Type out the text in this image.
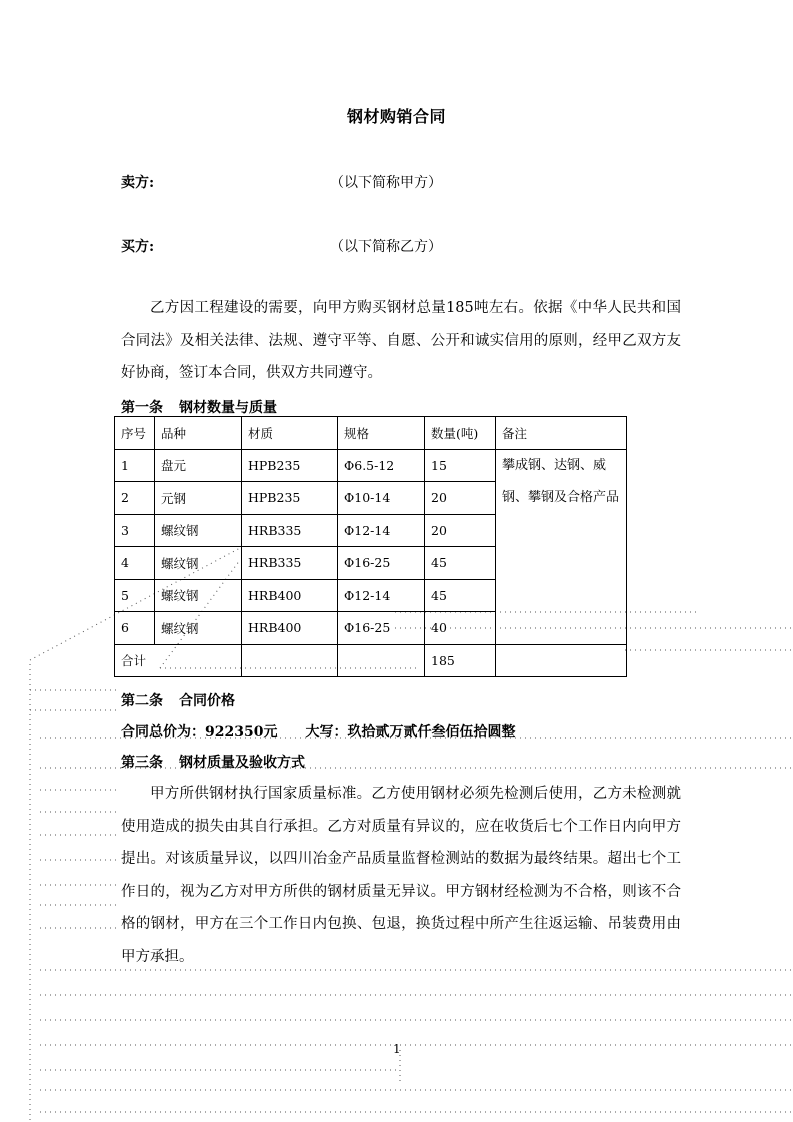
钢材购销合同
卖方:	（以下简称甲方）
买方:	（以下简称乙方）
乙方因工程建设的需要，向甲方购买钢材总量185吨左右。依据《中华人民共和国合同法》及相关法律、法规、遵守平等、自愿、公开和诚实信用的原则，经甲乙双方友好协商，签订本合同，供双方共同遵守。
第一条 钢材数量与质量
序号	品种	材质	规格	数量(吨)	备注
1	盘元	HPB235	Φ6.5-12	15	攀成钢、达钢、威钢、攀钢及合格产品
2	元钢	HPB235	Φ10-14	20	
3	螺纹钢	HRB335	Φ12-14	20	
4	螺纹钢	HRB335	Φ16-25	45	
5	螺纹钢	HRB400	Φ12-14	45	
6	螺纹钢	HRB400	Φ16-25	40	
合计				185	
第二条 合同价格
合同总价为：922350元 大写：玖拾贰万贰仟叁佰伍拾圆整
第三条 钢材质量及验收方式
甲方所供钢材执行国家质量标准。乙方使用钢材必须先检测后使用，乙方未检测就使用造成的损失由其自行承担。乙方对质量有异议的，应在收货后七个工作日内向甲方提出。对该质量异议，以四川冶金产品质量监督检测站的数据为最终结果。超出七个工作日的，视为乙方对甲方所供的钢材质量无异议。甲方钢材经检测为不合格，则该不合格的钢材，甲方在三个工作日内包换、包退，换货过程中所产生往返运输、吊装费用由甲方承担。
1
